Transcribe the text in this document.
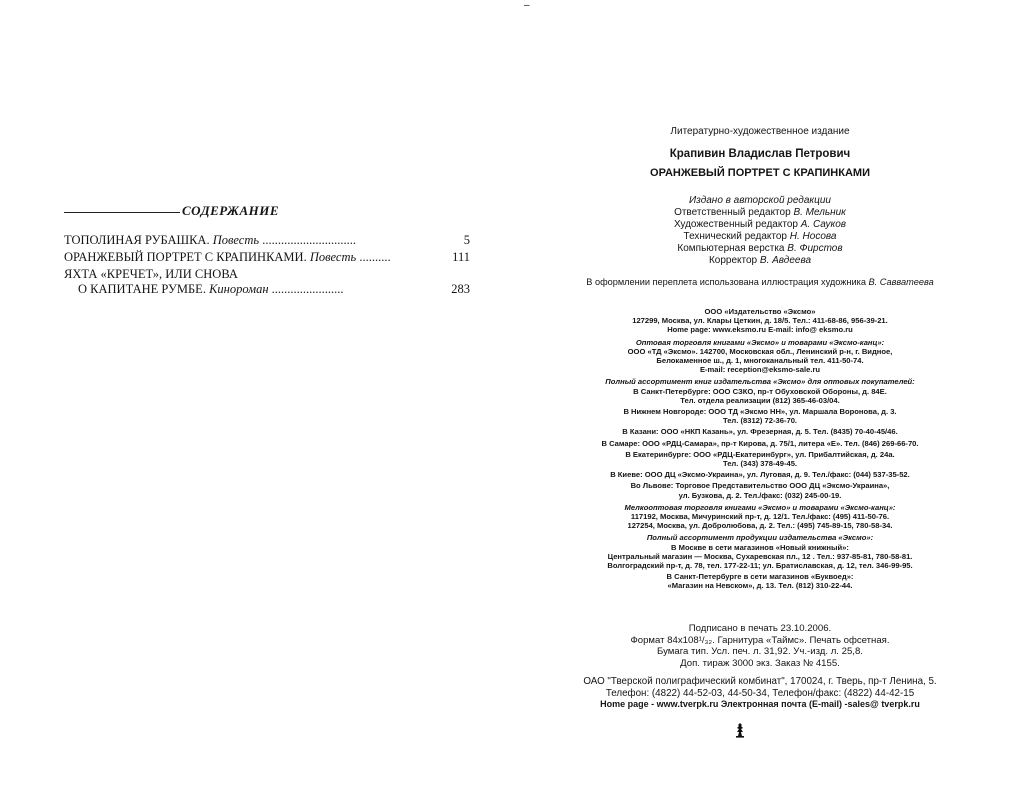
–
СОДЕРЖАНИЕ
ТОПОЛИНАЯ РУБАШКА. Повесть ..............................	5
ОРАНЖЕВЫЙ ПОРТРЕТ С КРАПИНКАМИ. Повесть ..........	111
ЯХТА «КРЕЧЕТ», ИЛИ СНОВА
О КАПИТАНЕ РУМБЕ. Кинороман .......................	283
Литературно-художественное издание
Крапивин Владислав Петрович
ОРАНЖЕВЫЙ ПОРТРЕТ С КРАПИНКАМИ
Издано в авторской редакции
Ответственный редактор В. Мельник
Художественный редактор А. Сауков
Технический редактор Н. Носова
Компьютерная верстка В. Фирстов
Корректор В. Авдеева
В оформлении переплета использована иллюстрация художника В. Савватеева
ООО «Издательство «Эксмо»
127299, Москва, ул. Клары Цеткин, д. 18/5. Тел.: 411-68-86, 956-39-21.
Home page: www.eksmo.ru E-mail: info@ eksmo.ru
Оптовая торговля книгами «Эксмо» и товарами «Эксмо-канц»:
ООО «ТД «Эксмо». 142700, Московская обл., Ленинский р-н, г. Видное,
Белокаменное ш., д. 1, многоканальный тел. 411-50-74.
E-mail: reception@eksmo-sale.ru
Полный ассортимент книг издательства «Эксмо» для оптовых покупателей:
В Санкт-Петербурге: ООО СЗКО, пр-т Обуховской Обороны, д. 84Е.
Тел. отдела реализации (812) 365-46-03/04.
В Нижнем Новгороде: ООО ТД «Эксмо НН», ул. Маршала Воронова, д. 3.
Тел. (8312) 72-36-70.
В Казани: ООО «НКП Казань», ул. Фрезерная, д. 5. Тел. (8435) 70-40-45/46.
В Самаре: ООО «РДЦ-Самара», пр-т Кирова, д. 75/1, литера «Е». Тел. (846) 269-66-70.
В Екатеринбурге: ООО «РДЦ-Екатеринбург», ул. Прибалтийская, д. 24а.
Тел. (343) 378-49-45.
В Киеве: ООО ДЦ «Эксмо-Украина», ул. Луговая, д. 9. Тел./факс: (044) 537-35-52.
Во Львове: Торговое Представительство ООО ДЦ «Эксмо-Украина»,
ул. Бузкова, д. 2. Тел./факс: (032) 245-00-19.
Мелкооптовая торговля книгами «Эксмо» и товарами «Эксмо-канц»:
117192, Москва, Мичуринский пр-т, д. 12/1. Тел./факс: (495) 411-50-76.
127254, Москва, ул. Добролюбова, д. 2. Тел.: (495) 745-89-15, 780-58-34.
Полный ассортимент продукции издательства «Эксмо»:
В Москве в сети магазинов «Новый книжный»:
Центральный магазин — Москва, Сухаревская пл., 12 . Тел.: 937-85-81, 780-58-81.
Волгоградский пр-т, д. 78, тел. 177-22-11; ул. Братиславская, д. 12, тел. 346-99-95.
В Санкт-Петербурге в сети магазинов «Буквоед»:
«Магазин на Невском», д. 13. Тел. (812) 310-22-44.
Подписано в печать 23.10.2006.
Формат 84x108¹/₃₂. Гарнитура «Таймс». Печать офсетная.
Бумага тип. Усл. печ. л. 31,92. Уч.-изд. л. 25,8.
Доп. тираж 3000 экз. Заказ № 4155.
ОАО "Тверской полиграфический комбинат", 170024, г. Тверь, пр-т Ленина, 5.
Телефон: (4822) 44-52-03, 44-50-34, Телефон/факс: (4822) 44-42-15
Home page - www.tverpk.ru Электронная почта (E-mail) -sales@ tverpk.ru
